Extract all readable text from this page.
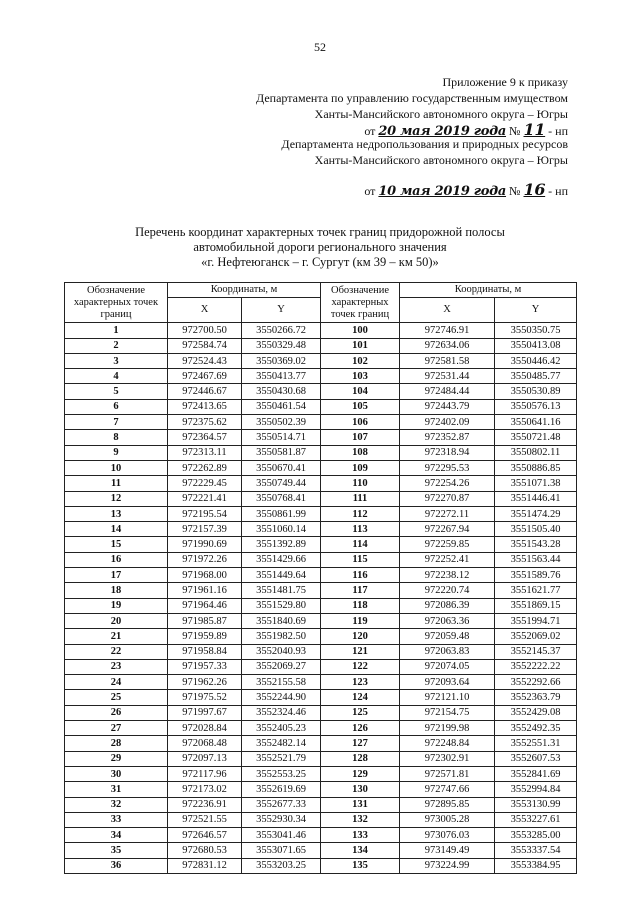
52
Приложение 9 к приказу
Департамента по управлению государственным имуществом
Ханты-Мансийского автономного округа – Югры
от 20 мая 2019 года № 11 - нп
Департамента недропользования и природных ресурсов
Ханты-Мансийского автономного округа – Югры
от 10 мая 2019 года № 16 - нп
Перечень координат характерных точек границ придорожной полосы
автомобильной дороги регионального значения
«г. Нефтеюганск – г. Сургут (км 39 – км 50)»
Обозначение характерных точек границ	Координаты, м		Обозначение характерных точек границ	Координаты, м	
	X	Y		X	Y
1	972700.50	3550266.72	100	972746.91	3550350.75
2	972584.74	3550329.48	101	972634.06	3550413.08
3	972524.43	3550369.02	102	972581.58	3550446.42
4	972467.69	3550413.77	103	972531.44	3550485.77
5	972446.67	3550430.68	104	972484.44	3550530.89
6	972413.65	3550461.54	105	972443.79	3550576.13
7	972375.62	3550502.39	106	972402.09	3550641.16
8	972364.57	3550514.71	107	972352.87	3550721.48
9	972313.11	3550581.87	108	972318.94	3550802.11
10	972262.89	3550670.41	109	972295.53	3550886.85
11	972229.45	3550749.44	110	972254.26	3551071.38
12	972221.41	3550768.41	111	972270.87	3551446.41
13	972195.54	3550861.99	112	972272.11	3551474.29
14	972157.39	3551060.14	113	972267.94	3551505.40
15	971990.69	3551392.89	114	972259.85	3551543.28
16	971972.26	3551429.66	115	972252.41	3551563.44
17	971968.00	3551449.64	116	972238.12	3551589.76
18	971961.16	3551481.75	117	972220.74	3551621.77
19	971964.46	3551529.80	118	972086.39	3551869.15
20	971985.87	3551840.69	119	972063.36	3551994.71
21	971959.89	3551982.50	120	972059.48	3552069.02
22	971958.84	3552040.93	121	972063.83	3552145.37
23	971957.33	3552069.27	122	972074.05	3552222.22
24	971962.26	3552155.58	123	972093.64	3552292.66
25	971975.52	3552244.90	124	972121.10	3552363.79
26	971997.67	3552324.46	125	972154.75	3552429.08
27	972028.84	3552405.23	126	972199.98	3552492.35
28	972068.48	3552482.14	127	972248.84	3552551.31
29	972097.13	3552521.79	128	972302.91	3552607.53
30	972117.96	3552553.25	129	972571.81	3552841.69
31	972173.02	3552619.69	130	972747.66	3552994.84
32	972236.91	3552677.33	131	972895.85	3553130.99
33	972521.55	3552930.34	132	973005.28	3553227.61
34	972646.57	3553041.46	133	973076.03	3553285.00
35	972680.53	3553071.65	134	973149.49	3553337.54
36	972831.12	3553203.25	135	973224.99	3553384.95
